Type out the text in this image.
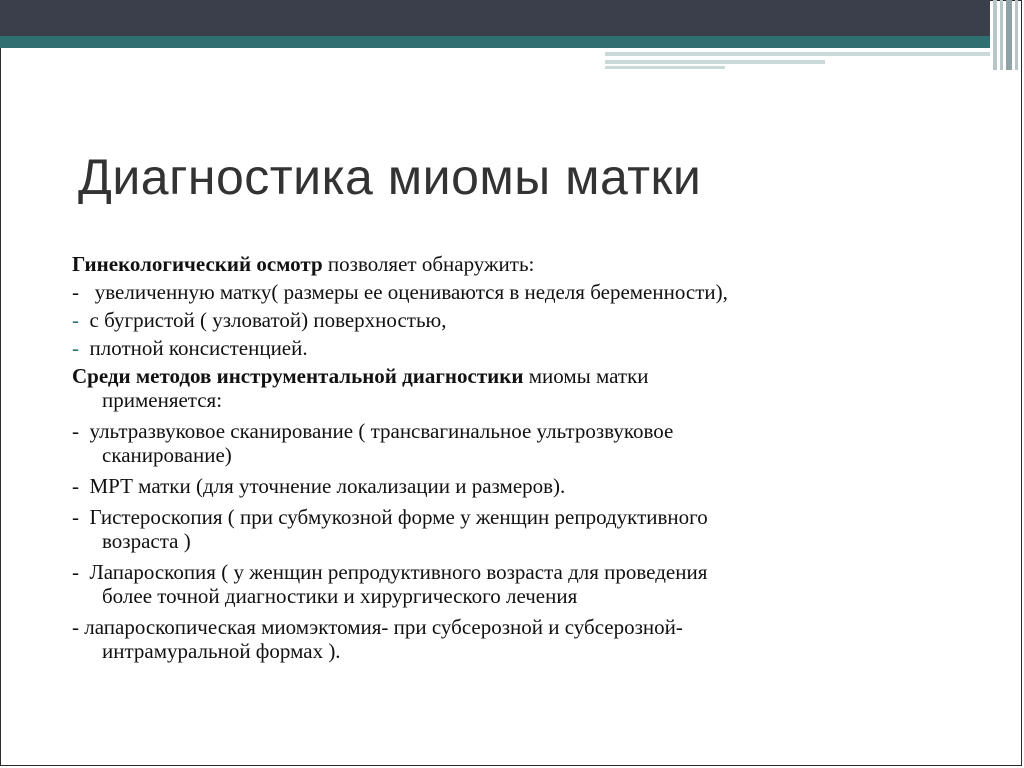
Диагностика миомы матки
Гинекологический осмотр позволяет обнаружить:
-   увеличенную матку( размеры ее оцениваются в неделя беременности),
-  с бугристой ( узловатой) поверхностью,
-  плотной консистенцией.
Среди методов инструментальной диагностики миомы матки
применяется:
-  ультразвуковое сканирование ( трансвагинальное ультрозвуковое
сканирование)
-  МРТ матки (для уточнение локализации и размеров).
-  Гистероскопия ( при субмукозной форме у женщин репродуктивного
возраста )
-  Лапароскопия ( у женщин репродуктивного возраста для проведения
более точной диагностики и хирургического лечения
- лапароскопическая миомэктомия- при субсерозной и субсерозной-
интрамуральной формах ).
